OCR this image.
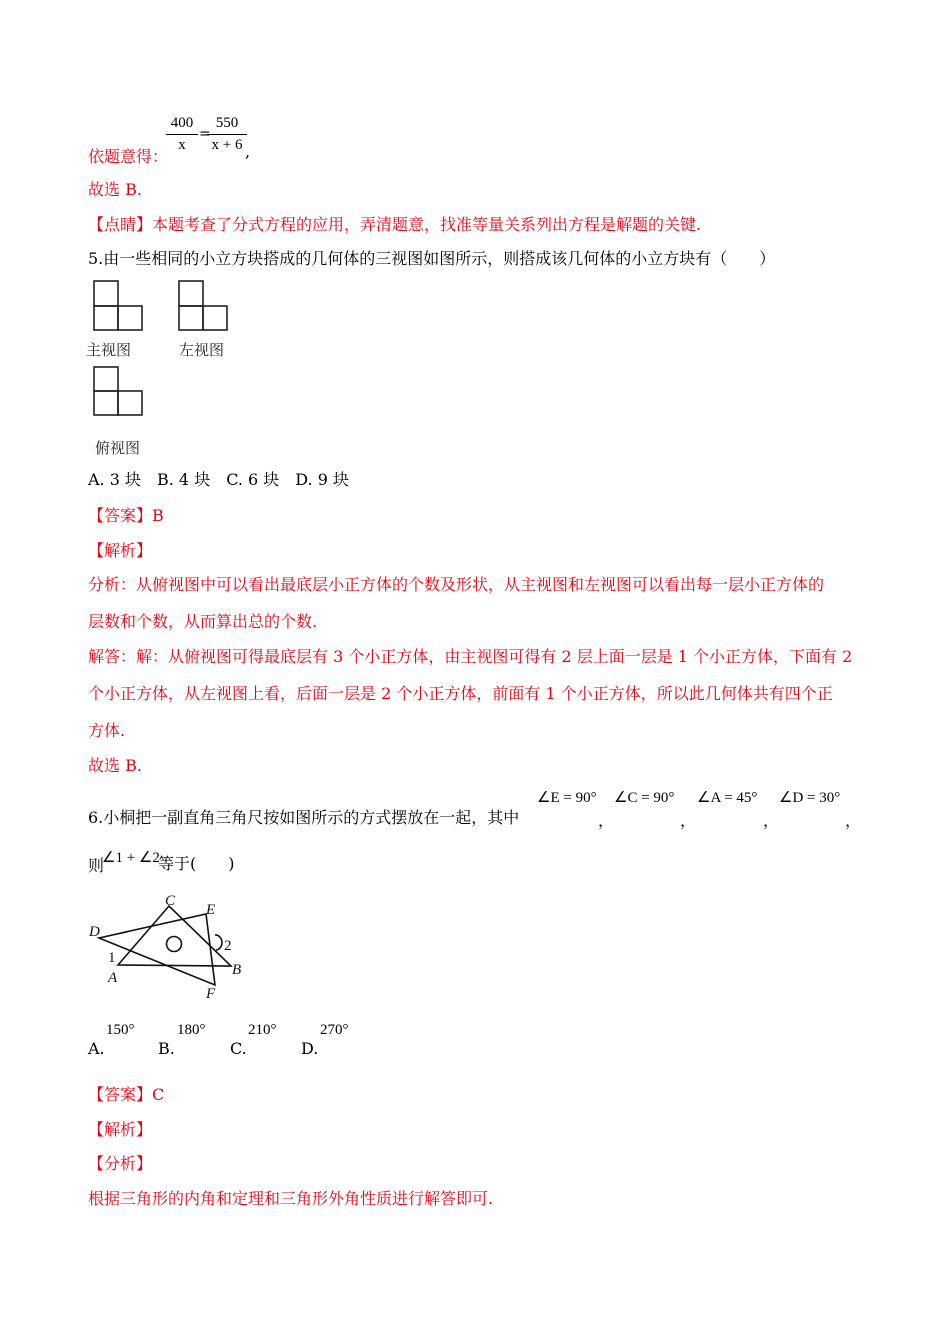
$\frac{400}{x}$ =
$\frac{550}{x + 6}$
,
依题意得：
故选 B.
【点睛】本题考查了分式方程的应用，弄清题意，找准等量关系列出方程是解题的关键.
5.由一些相同的小立方块搭成的几何体的三视图如图所示，则搭成该几何体的小立方块有（　　）
主视图	左视图
俯视图
A. 3 块　B. 4 块　C. 6 块　D. 9 块
【答案】B
【解析】
分析：从俯视图中可以看出最底层小正方体的个数及形状，从主视图和左视图可以看出每一层小正方体的
层数和个数，从而算出总的个数.
解答：解：从俯视图可得最底层有 3 个小正方体，由主视图可得有 2 层上面一层是 1 个小正方体，下面有 2
个小正方体，从左视图上看，后面一层是 2 个小正方体，前面有 1 个小正方体，所以此几何体共有四个正
方体.
故选 B.
6.小桐把一副直角三角尺按如图所示的方式摆放在一起，其中
∠E = 90°
，
∠C = 90°
，
∠A = 45°
，
∠D = 30°
，
则
∠1 + ∠2
等于(　　)
C
E
D
2
1
A	B
F
A.
150°
B.
180°
C.
210°
D.
270°
【答案】C
【解析】
【分析】
根据三角形的内角和定理和三角形外角性质进行解答即可.
